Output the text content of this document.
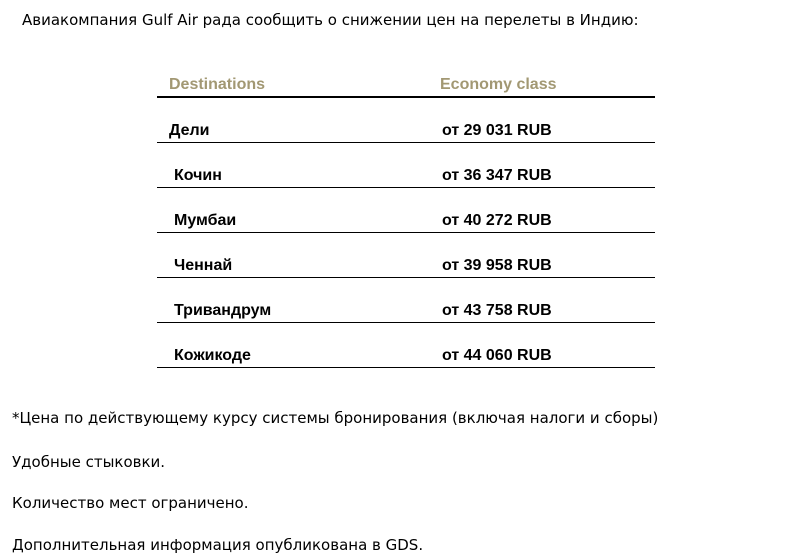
Авиакомпания Gulf Air рада сообщить о снижении цен на перелеты в Индию:
Destinations	Economy class
Дели	от 29 031 RUB
Кочин	от 36 347 RUB
Мумбаи	от 40 272 RUB
Ченнай	от 39 958 RUB
Тривандрум	от 43 758 RUB
Кожикоде	от 44 060 RUB
*Цена по действующему курсу системы бронирования (включая налоги и сборы)
Удобные стыковки.
Количество мест ограничено.
Дополнительная информация опубликована в GDS.
